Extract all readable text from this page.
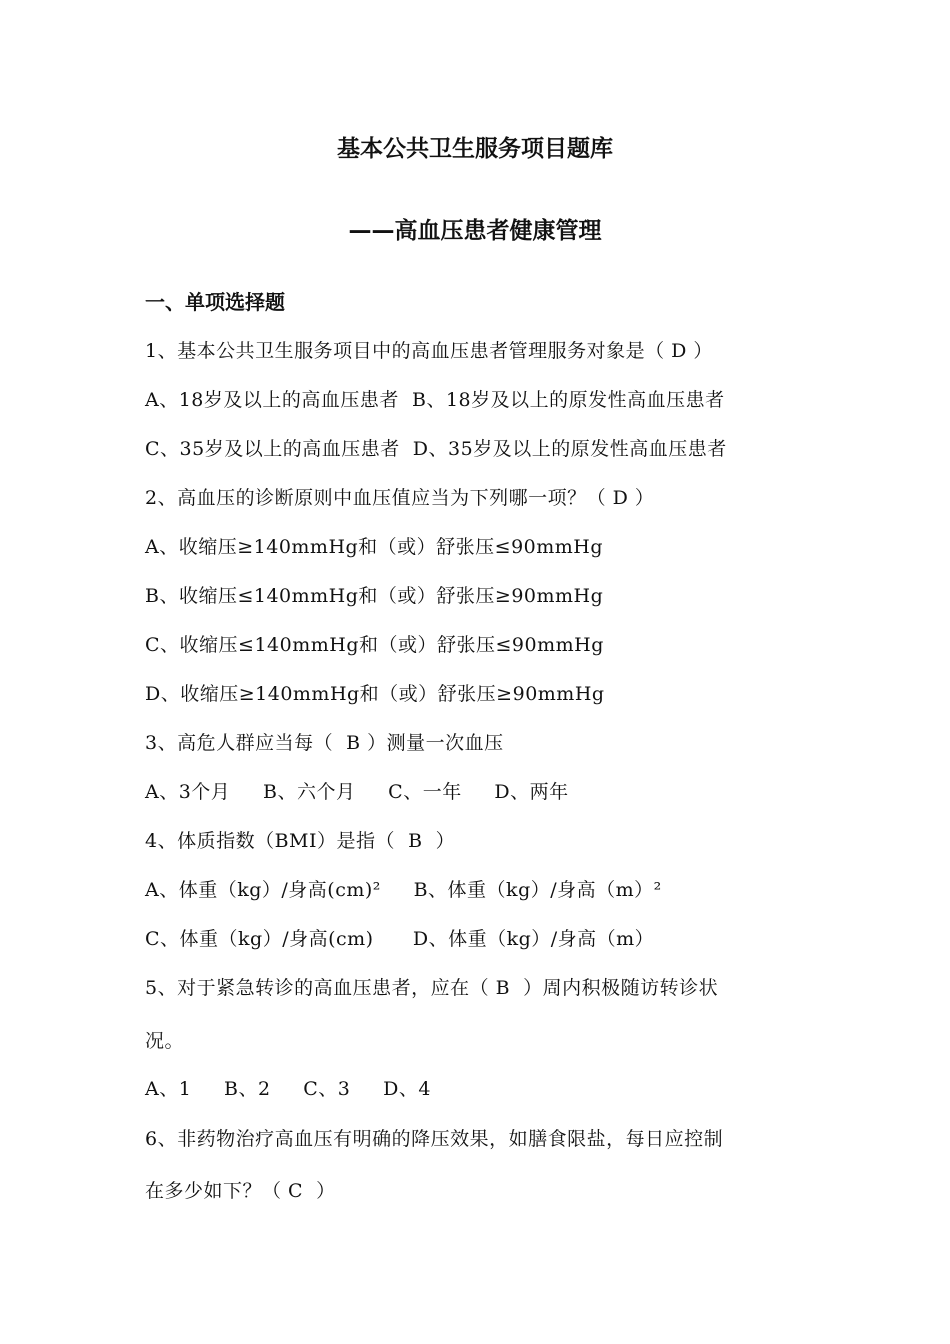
基本公共卫生服务项目题库
——高血压患者健康管理
一、单项选择题
1、基本公共卫生服务项目中的高血压患者管理服务对象是（ D ）
A、18岁及以上的高血压患者  B、18岁及以上的原发性高血压患者
C、35岁及以上的高血压患者  D、35岁及以上的原发性高血压患者
2、高血压的诊断原则中血压值应当为下列哪一项？（ D ）
A、收缩压≥140mmHg和（或）舒张压≤90mmHg
B、收缩压≤140mmHg和（或）舒张压≥90mmHg
C、收缩压≤140mmHg和（或）舒张压≤90mmHg
D、收缩压≥140mmHg和（或）舒张压≥90mmHg
3、高危人群应当每（  B ）测量一次血压
A、3个月     B、六个月     C、一年     D、两年
4、体质指数（BMI）是指（  B  ）
A、体重（kg）/身高(cm)²     B、体重（kg）/身高（m）²
C、体重（kg）/身高(cm)      D、体重（kg）/身高（m）
5、对于紧急转诊的高血压患者，应在（ B  ）周内积极随访转诊状
况。
A、1     B、2     C、3     D、4
6、非药物治疗高血压有明确的降压效果，如膳食限盐，每日应控制
在多少如下？（ C  ）
